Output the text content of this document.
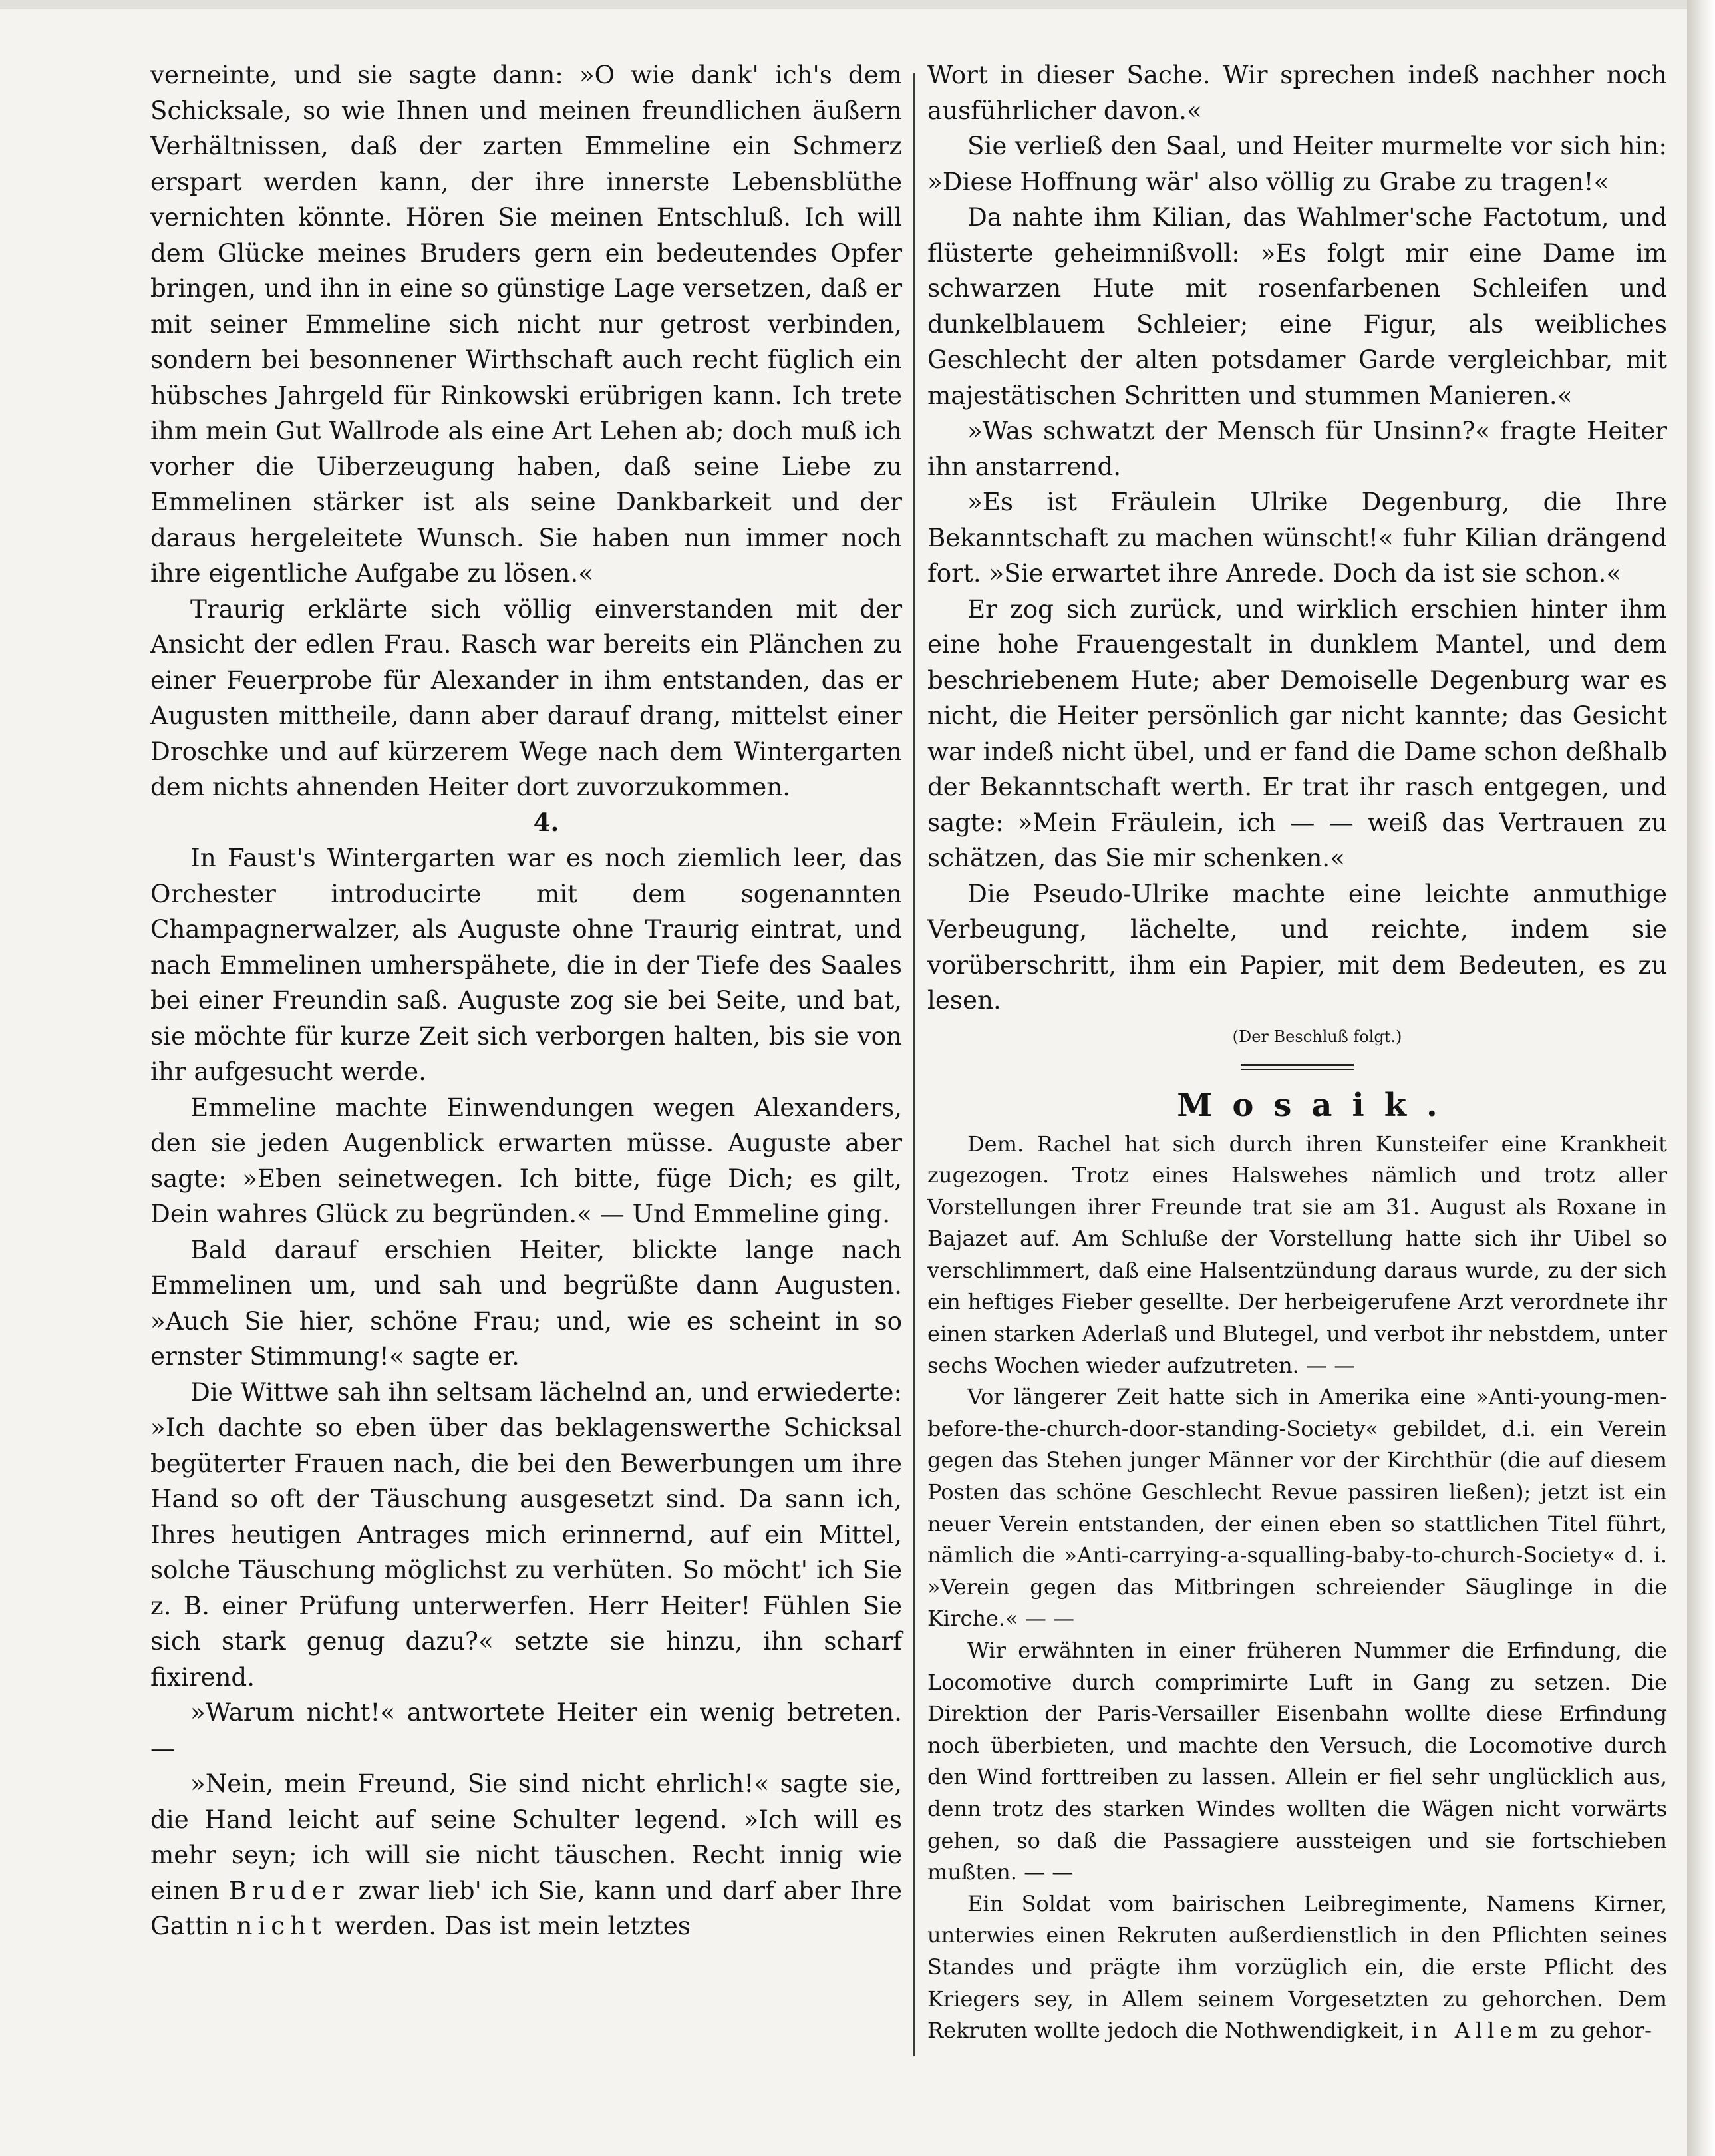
verneinte, und sie sagte dann: »O wie dank' ich's dem Schicksale, so wie Ihnen und meinen freundlichen äußern Verhältnissen, daß der zarten Emmeline ein Schmerz erspart werden kann, der ihre innerste Lebensblüthe vernichten könnte. Hören Sie meinen Entschluß. Ich will dem Glücke meines Bruders gern ein bedeutendes Opfer bringen, und ihn in eine so günstige Lage versetzen, daß er mit seiner Emmeline sich nicht nur getrost verbinden, sondern bei besonnener Wirthschaft auch recht füglich ein hübsches Jahrgeld für Rinkowski erübrigen kann. Ich trete ihm mein Gut Wallrode als eine Art Lehen ab; doch muß ich vorher die Uiberzeugung haben, daß seine Liebe zu Emmelinen stärker ist als seine Dankbarkeit und der daraus hergeleitete Wunsch. Sie haben nun immer noch ihre eigentliche Aufgabe zu lösen.«

Traurig erklärte sich völlig einverstanden mit der Ansicht der edlen Frau. Rasch war bereits ein Plänchen zu einer Feuerprobe für Alexander in ihm entstanden, das er Augusten mittheile, dann aber darauf drang, mittelst einer Droschke und auf kürzerem Wege nach dem Wintergarten dem nichts ahnenden Heiter dort zuvorzukommen.

4.

In Faust's Wintergarten war es noch ziemlich leer, das Orchester introducirte mit dem sogenannten Champagnerwalzer, als Auguste ohne Traurig eintrat, und nach Emmelinen umherspähete, die in der Tiefe des Saales bei einer Freundin saß. Auguste zog sie bei Seite, und bat, sie möchte für kurze Zeit sich verborgen halten, bis sie von ihr aufgesucht werde.

Emmeline machte Einwendungen wegen Alexanders, den sie jeden Augenblick erwarten müsse. Auguste aber sagte: »Eben seinetwegen. Ich bitte, füge Dich; es gilt, Dein wahres Glück zu begründen.« — Und Emmeline ging.

Bald darauf erschien Heiter, blickte lange nach Emmelinen um, und sah und begrüßte dann Augusten. »Auch Sie hier, schöne Frau; und, wie es scheint in so ernster Stimmung!« sagte er.

Die Wittwe sah ihn seltsam lächelnd an, und erwiederte: »Ich dachte so eben über das beklagenswerthe Schicksal begüterter Frauen nach, die bei den Bewerbungen um ihre Hand so oft der Täuschung ausgesetzt sind. Da sann ich, Ihres heutigen Antrages mich erinnernd, auf ein Mittel, solche Täuschung möglichst zu verhüten. So möcht' ich Sie z. B. einer Prüfung unterwerfen. Herr Heiter! Fühlen Sie sich stark genug dazu?« setzte sie hinzu, ihn scharf fixirend.

»Warum nicht!« antwortete Heiter ein wenig betreten. —

»Nein, mein Freund, Sie sind nicht ehrlich!« sagte sie, die Hand leicht auf seine Schulter legend. »Ich will es mehr seyn; ich will sie nicht täuschen. Recht innig wie einen Bruder zwar lieb' ich Sie, kann und darf aber Ihre Gattin nicht werden. Das ist mein letztes

Wort in dieser Sache. Wir sprechen indeß nachher noch ausführlicher davon.«

Sie verließ den Saal, und Heiter murmelte vor sich hin: »Diese Hoffnung wär' also völlig zu Grabe zu tragen!«

Da nahte ihm Kilian, das Wahlmer'sche Factotum, und flüsterte geheimnißvoll: »Es folgt mir eine Dame im schwarzen Hute mit rosenfarbenen Schleifen und dunkelblauem Schleier; eine Figur, als weibliches Geschlecht der alten potsdamer Garde vergleichbar, mit majestätischen Schritten und stummen Manieren.«

»Was schwatzt der Mensch für Unsinn?« fragte Heiter ihn anstarrend.

»Es ist Fräulein Ulrike Degenburg, die Ihre Bekanntschaft zu machen wünscht!« fuhr Kilian drängend fort. »Sie erwartet ihre Anrede. Doch da ist sie schon.«

Er zog sich zurück, und wirklich erschien hinter ihm eine hohe Frauengestalt in dunklem Mantel, und dem beschriebenem Hute; aber Demoiselle Degenburg war es nicht, die Heiter persönlich gar nicht kannte; das Gesicht war indeß nicht übel, und er fand die Dame schon deßhalb der Bekanntschaft werth. Er trat ihr rasch entgegen, und sagte: »Mein Fräulein, ich — — weiß das Vertrauen zu schätzen, das Sie mir schenken.«

Die Pseudo-Ulrike machte eine leichte anmuthige Verbeugung, lächelte, und reichte, indem sie vorüberschritt, ihm ein Papier, mit dem Bedeuten, es zu lesen.

(Der Beschluß folgt.)

Mosaik.

Dem. Rachel hat sich durch ihren Kunsteifer eine Krankheit zugezogen. Trotz eines Halswehes nämlich und trotz aller Vorstellungen ihrer Freunde trat sie am 31. August als Roxane in Bajazet auf. Am Schluße der Vorstellung hatte sich ihr Uibel so verschlimmert, daß eine Halsentzündung daraus wurde, zu der sich ein heftiges Fieber gesellte. Der herbeigerufene Arzt verordnete ihr einen starken Aderlaß und Blutegel, und verbot ihr nebstdem, unter sechs Wochen wieder aufzutreten. — —

Vor längerer Zeit hatte sich in Amerika eine »Anti-young-men-before-the-church-door-standing-Society« gebildet, d.i. ein Verein gegen das Stehen junger Männer vor der Kirchthür (die auf diesem Posten das schöne Geschlecht Revue passiren ließen); jetzt ist ein neuer Verein entstanden, der einen eben so stattlichen Titel führt, nämlich die »Anti-carrying-a-squalling-baby-to-church-Society« d. i. »Verein gegen das Mitbringen schreiender Säuglinge in die Kirche.« — —

Wir erwähnten in einer früheren Nummer die Erfindung, die Locomotive durch comprimirte Luft in Gang zu setzen. Die Direktion der Paris-Versailler Eisenbahn wollte diese Erfindung noch überbieten, und machte den Versuch, die Locomotive durch den Wind forttreiben zu lassen. Allein er fiel sehr unglücklich aus, denn trotz des starken Windes wollten die Wägen nicht vorwärts gehen, so daß die Passagiere aussteigen und sie fortschieben mußten. — —

Ein Soldat vom bairischen Leibregimente, Namens Kirner, unterwies einen Rekruten außerdienstlich in den Pflichten seines Standes und prägte ihm vorzüglich ein, die erste Pflicht des Kriegers sey, in Allem seinem Vorgesetzten zu gehorchen. Dem Rekruten wollte jedoch die Nothwendigkeit, in Allem zu gehor-
